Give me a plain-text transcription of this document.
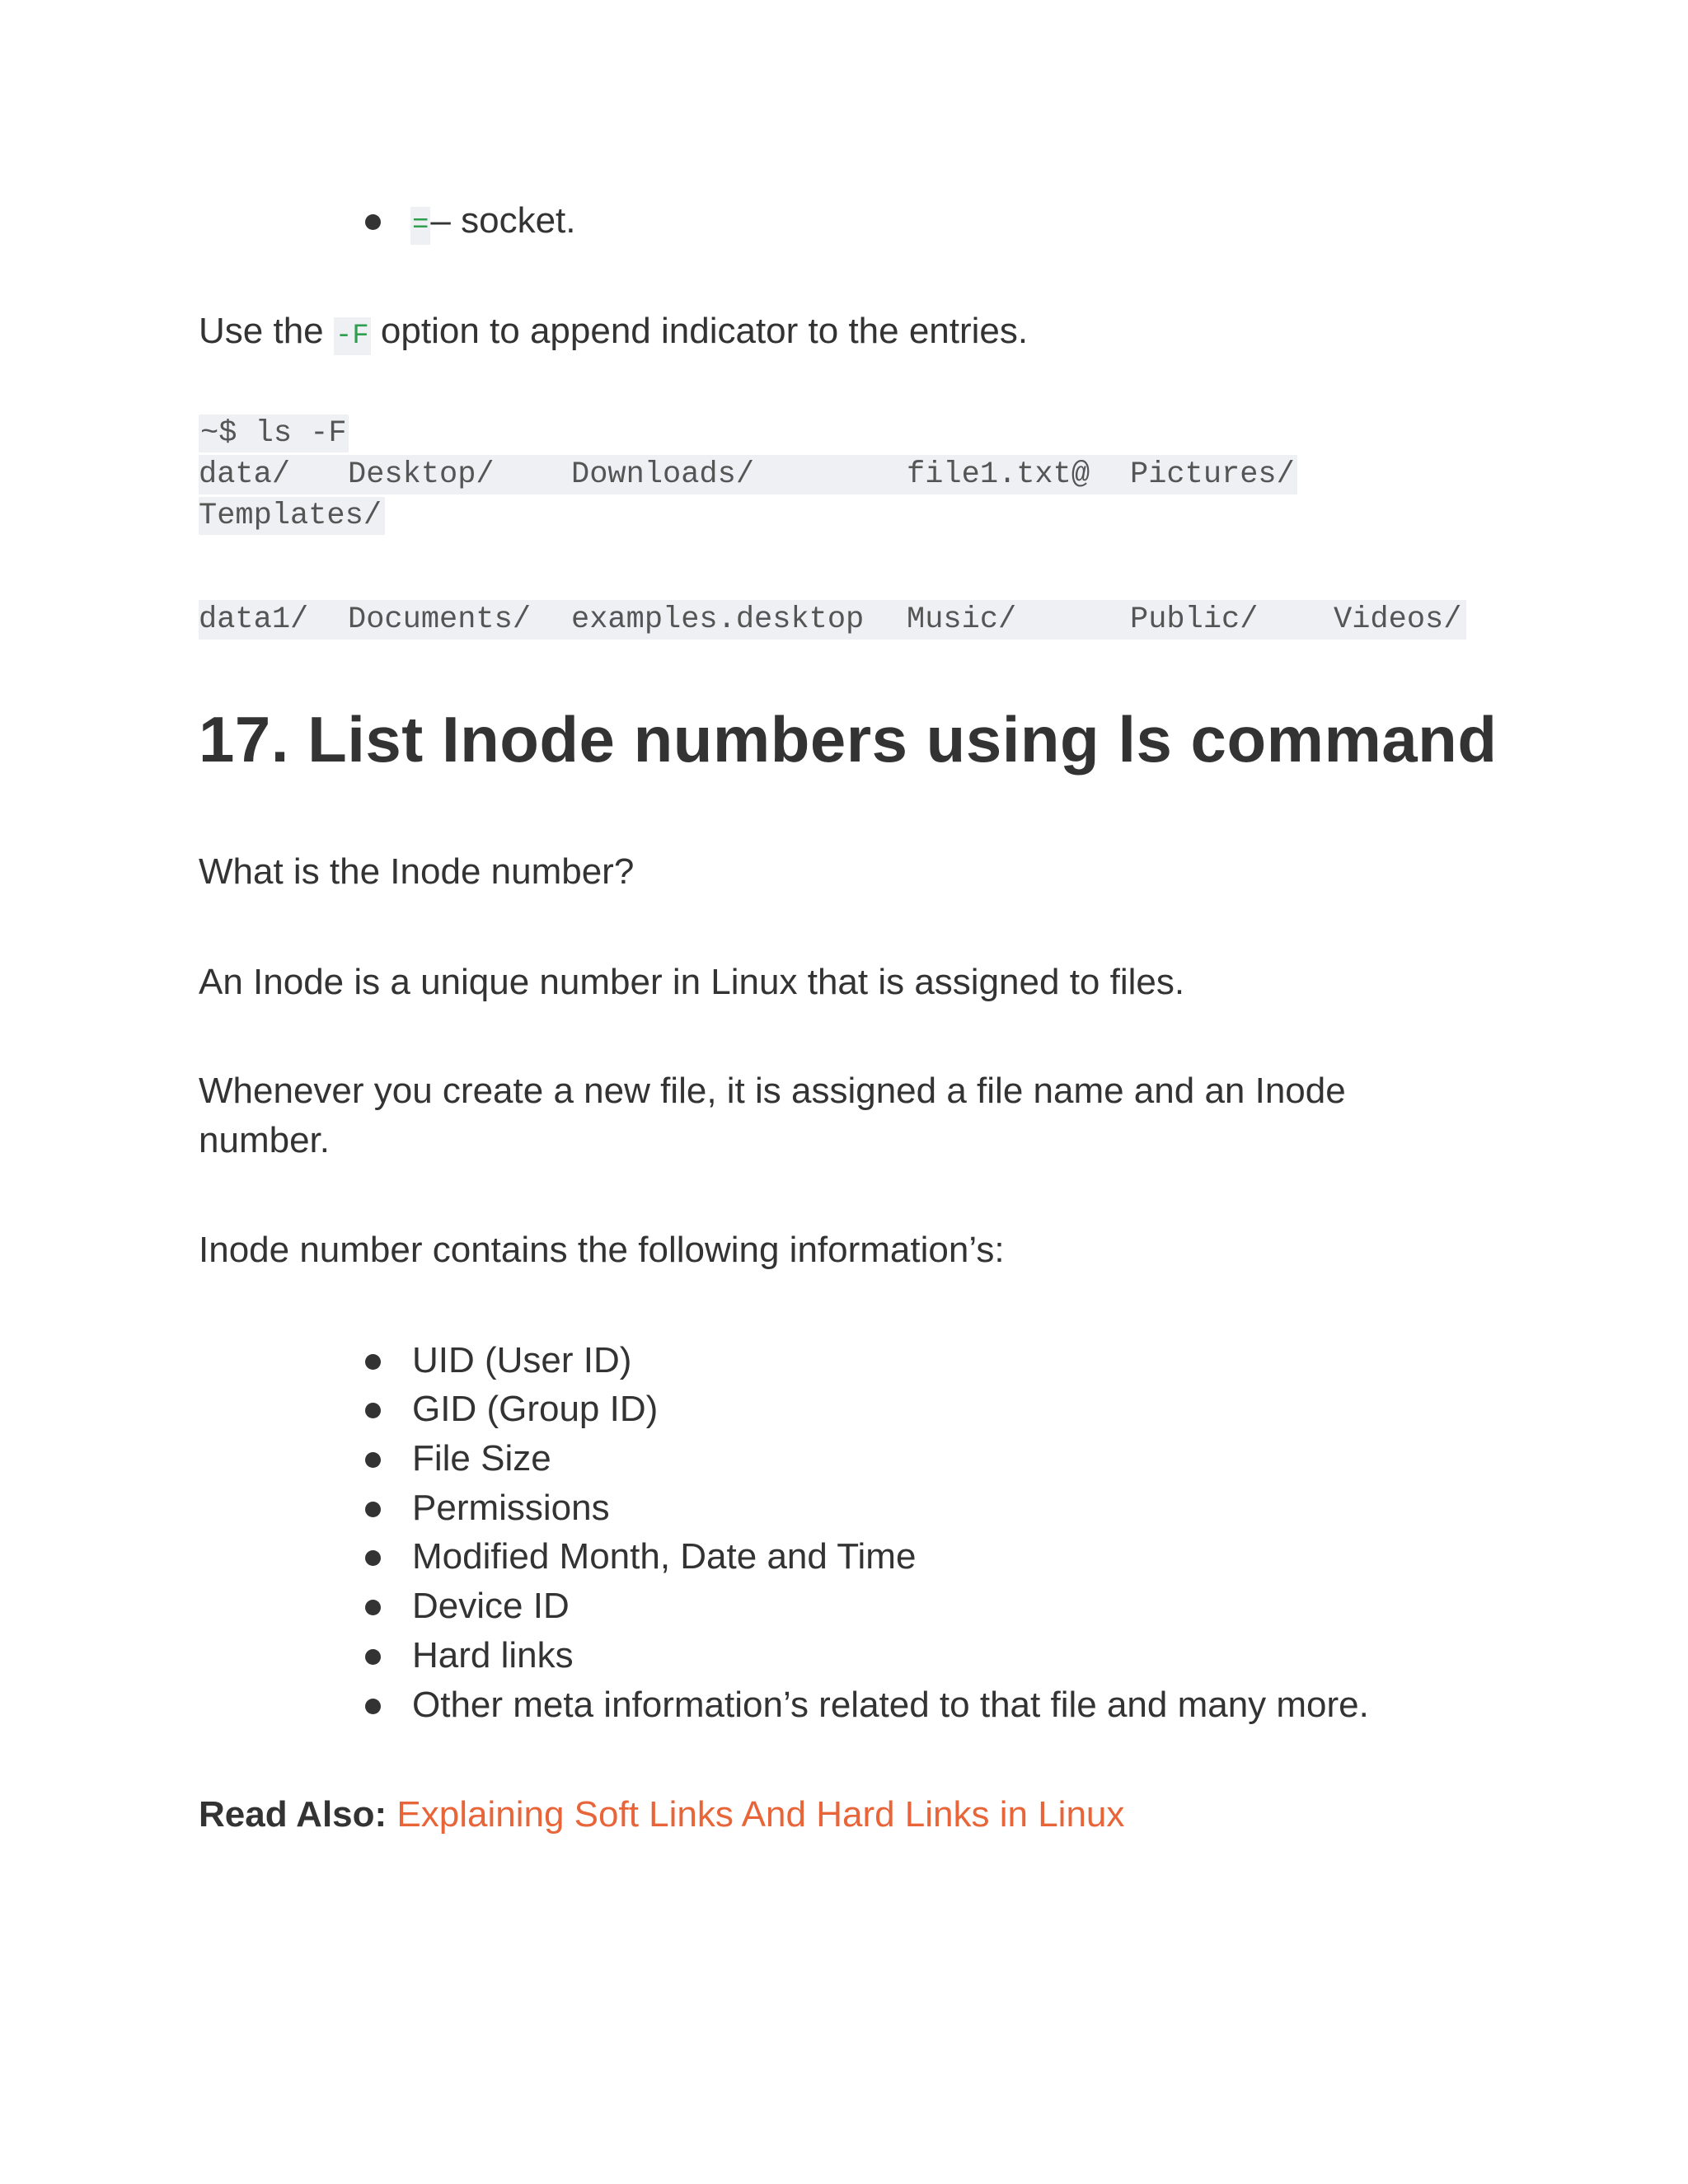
=– socket.
Use the -F option to append indicator to the entries.
~$ ls -F
data/ Desktop/	Downloads/	file1.txt@ Pictures/
Templates/
data1/ Documents/ examples.desktop Music/	Public/ Videos/
17. List Inode numbers using ls command
What is the Inode number?
An Inode is a unique number in Linux that is assigned to files.
Whenever you create a new file, it is assigned a file name and an Inode
number.
Inode number contains the following information’s:
UID (User ID)
GID (Group ID)
File Size
Permissions
Modified Month, Date and Time
Device ID
Hard links
Other meta information’s related to that file and many more.
Read Also: Explaining Soft Links And Hard Links in Linux
